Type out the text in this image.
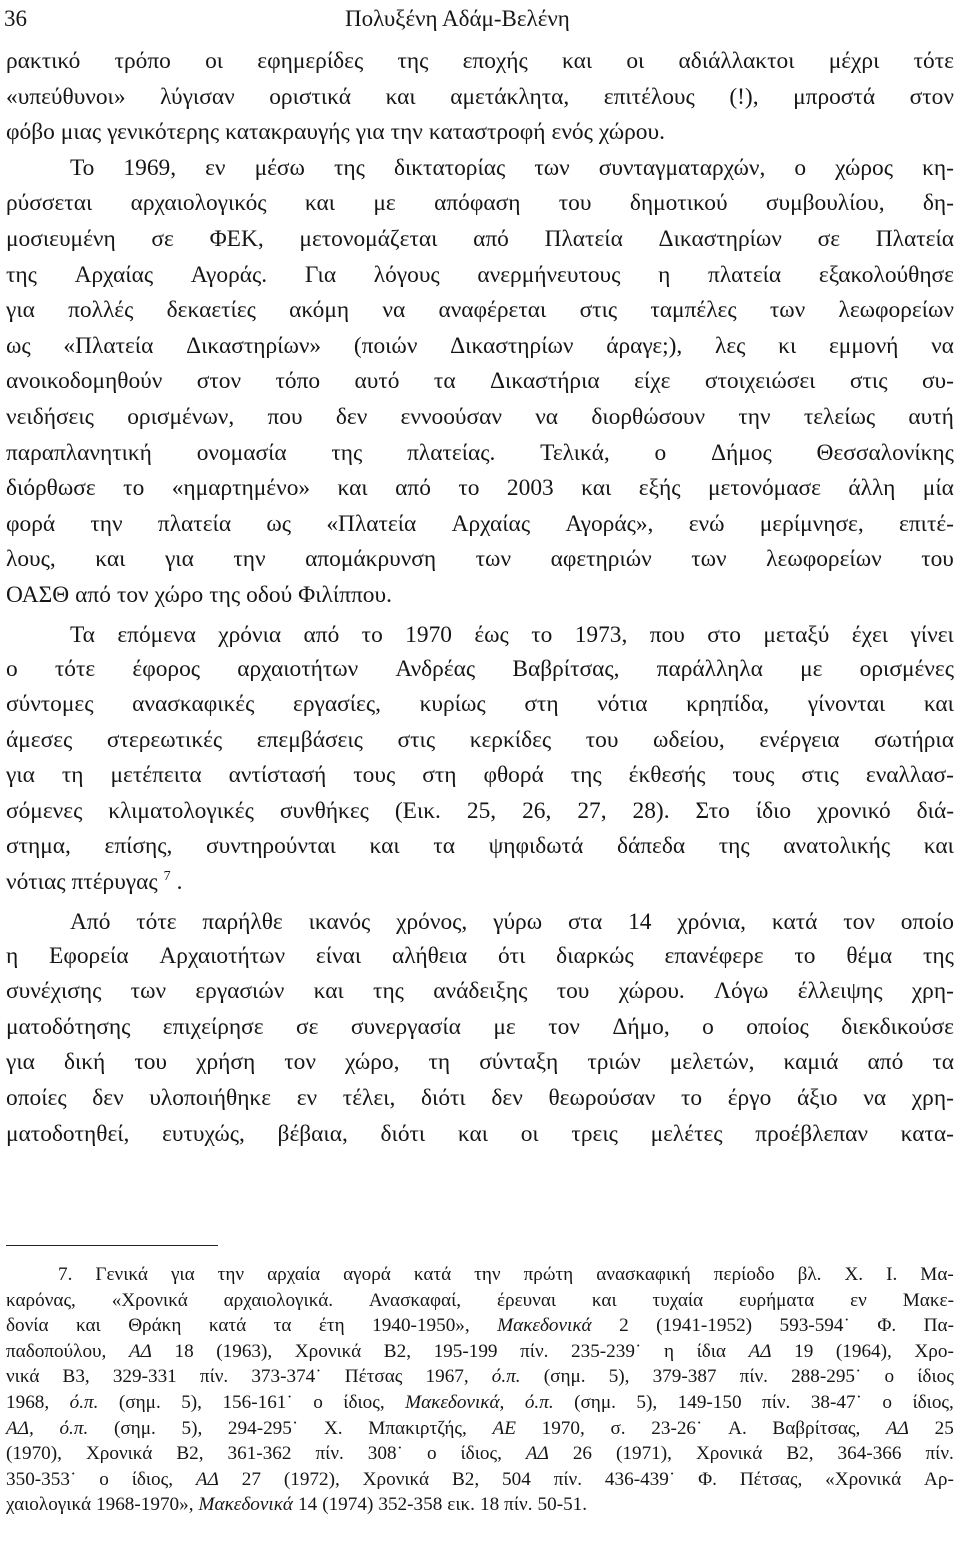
36	Πολυξένη Αδάμ-Βελένη
ρακτικό τρόπο οι εφημερίδες της εποχής και οι αδιάλλακτοι μέχρι τότε
«υπεύθυνοι» λύγισαν οριστικά και αμετάκλητα, επιτέλους (!), μπροστά στον
φόβο μιας γενικότερης κατακραυγής για την καταστροφή ενός χώρου.
Το 1969, εν μέσω της δικτατορίας των συνταγματαρχών, ο χώρος κη-
ρύσσεται αρχαιολογικός και με απόφαση του δημοτικού συμβουλίου, δη-
μοσιευμένη σε ΦΕΚ, μετονομάζεται από Πλατεία Δικαστηρίων σε Πλατεία
της Αρχαίας Αγοράς. Για λόγους ανερμήνευτους η πλατεία εξακολούθησε
για πολλές δεκαετίες ακόμη να αναφέρεται στις ταμπέλες των λεωφορείων
ως «Πλατεία Δικαστηρίων» (ποιών Δικαστηρίων άραγε;), λες κι εμμονή να
ανοικοδομηθούν στον τόπο αυτό τα Δικαστήρια είχε στοιχειώσει στις συ-
νειδήσεις ορισμένων, που δεν εννοούσαν να διορθώσουν την τελείως αυτή
παραπλανητική ονομασία της πλατείας. Τελικά, ο Δήμος Θεσσαλονίκης
διόρθωσε το «ημαρτημένο» και από το 2003 και εξής μετονόμασε άλλη μία
φορά την πλατεία ως «Πλατεία Αρχαίας Αγοράς», ενώ μερίμνησε, επιτέ-
λους, και για την απομάκρυνση των αφετηριών των λεωφορείων του
ΟΑΣΘ από τον χώρο της οδού Φιλίππου.
Τα επόμενα χρόνια από το 1970 έως το 1973, που στο μεταξύ έχει γίνει
ο τότε έφορος αρχαιοτήτων Ανδρέας Βαβρίτσας, παράλληλα με ορισμένες
σύντομες ανασκαφικές εργασίες, κυρίως στη νότια κρηπίδα, γίνονται και
άμεσες στερεωτικές επεμβάσεις στις κερκίδες του ωδείου, ενέργεια σωτήρια
για τη μετέπειτα αντίστασή τους στη φθορά της έκθεσής τους στις εναλλασ-
σόμενες κλιματολογικές συνθήκες (Εικ. 25, 26, 27, 28). Στο ίδιο χρονικό διά-
στημα, επίσης, συντηρούνται και τα ψηφιδωτά δάπεδα της ανατολικής και
νότιας πτέρυγας $^7$ .
Από τότε παρήλθε ικανός χρόνος, γύρω στα 14 χρόνια, κατά τον οποίο
η Εφορεία Αρχαιοτήτων είναι αλήθεια ότι διαρκώς επανέφερε το θέμα της
συνέχισης των εργασιών και της ανάδειξης του χώρου. Λόγω έλλειψης χρη-
ματοδότησης επιχείρησε σε συνεργασία με τον Δήμο, ο οποίος διεκδικούσε
για δική του χρήση τον χώρο, τη σύνταξη τριών μελετών, καμιά από τα
οποίες δεν υλοποιήθηκε εν τέλει, διότι δεν θεωρούσαν το έργο άξιο να χρη-
ματοδοτηθεί, ευτυχώς, βέβαια, διότι και οι τρεις μελέτες προέβλεπαν κατα-
7. Γενικά για την αρχαία αγορά κατά την πρώτη ανασκαφική περίοδο βλ. Χ. Ι. Μα-
καρόνας, «Χρονικά αρχαιολογικά. Ανασκαφαί, έρευναι και τυχαία ευρήματα εν Μακε-
δονία και Θράκη κατά τα έτη 1940-1950», Μακεδονικά 2 (1941-1952) 593-594˙ Φ. Πα-
παδοπούλου, ΑΔ 18 (1963), Χρονικά Β2, 195-199 πίν. 235-239˙ η ίδια ΑΔ 19 (1964), Χρο-
νικά Β3, 329-331 πίν. 373-374˙ Πέτσας 1967, ό.π. (σημ. 5), 379-387 πίν. 288-295˙ ο ίδιος
1968, ό.π. (σημ. 5), 156-161˙ ο ίδιος, Μακεδονικά, ό.π. (σημ. 5), 149-150 πίν. 38-47˙ ο ίδιος,
ΑΔ, ό.π. (σημ. 5), 294-295˙ Χ. Μπακιρτζής, ΑΕ 1970, σ. 23-26˙ Α. Βαβρίτσας, ΑΔ 25
(1970), Χρονικά Β2, 361-362 πίν. 308˙ ο ίδιος, ΑΔ 26 (1971), Χρονικά Β2, 364-366 πίν.
350-353˙ ο ίδιος, ΑΔ 27 (1972), Χρονικά Β2, 504 πίν. 436-439˙ Φ. Πέτσας, «Χρονικά Αρ-
χαιολογικά 1968-1970», Μακεδονικά 14 (1974) 352-358 εικ. 18 πίν. 50-51.
